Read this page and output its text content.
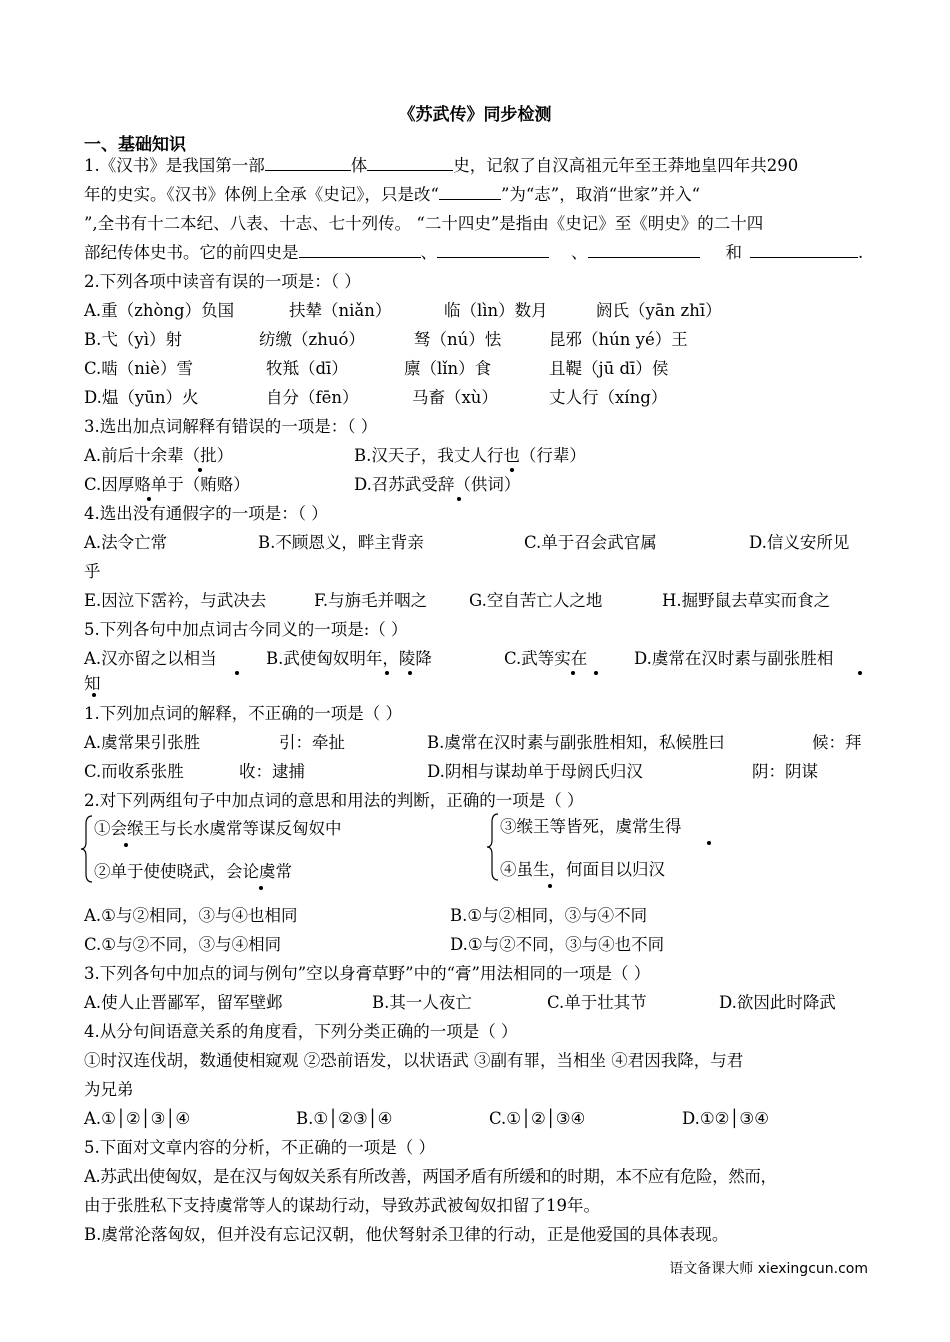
《苏武传》同步检测
一、基础知识
1.《汉书》是我国第一部	体	史，记叙了自汉高祖元年至王莽地皇四年共290
年的史实。《汉书》体例上全承《史记》，只是改“	”为“志”，取消“世家”并入“
”,全书有十二本纪、八表、十志、七十列传。 “二十四史”是指由《史记》至《明史》的二十四
部纪传体史书。它的前四史是	、	、	和	.
2.下列各项中读音有误的一项是：（ ）
A.重（zhòng）负国	扶辇（niǎn）	临（lìn）数月	阏氏（yān zhī）
B.弋（yì）射	纺缴（zhuó）	驽（nú）怯	昆邪（hún yé）王
C.啮（niè）雪	牧羝（dī）	廪（lǐn）食	且鞮（jū dī）侯
D.煴（yūn）火	自分（fēn）	马畜（xù）	丈人行（xíng）
3.选出加点词解释有错误的一项是：（ ）
A.前后十余辈（批）	B.汉天子，我丈人行也（行辈）
C.因厚赂单于（贿赂）	D.召苏武受辞（供词）
4.选出没有通假字的一项是：（ ）
A.法令亡常	B.不顾恩义，畔主背亲	C.单于召会武官属	D.信义安所见
乎
E.因泣下霑衿，与武决去	F.与旃毛并咽之	G.空自苦亡人之地	H.掘野鼠去草实而食之
5.下列各句中加点词古今同义的一项是:（ ）
A.汉亦留之以相当	B.武使匈奴明年，陵降	C.武等实在	D.虞常在汉时素与副张胜相
知
1.下列加点词的解释，不正确的一项是（ ）
A.虞常果引张胜	引：牵扯	B.虞常在汉时素与副张胜相知，私候胜曰	候：拜
C.而收系张胜	收：逮捕	D.阴相与谋劫单于母阏氏归汉	阴：阴谋
2.对下列两组句子中加点词的意思和用法的判断，正确的一项是（ ）
①会缑王与长水虞常等谋反匈奴中
②单于使使晓武，会论虞常
③缑王等皆死，虞常生得
④虽生，何面目以归汉
A.①与②相同，③与④也相同	B.①与②相同，③与④不同
C.①与②不同，③与④相同	D.①与②不同，③与④也不同
3.下列各句中加点的词与例句”空以身膏草野”中的“膏”用法相同的一项是（ ）
A.使人止晋鄙军，留军壁邺	B.其一人夜亡	C.单于壮其节	D.欲因此时降武
4.从分句间语意关系的角度看，下列分类正确的一项是（ ）
①时汉连伐胡，数通使相窥观 ②恐前语发，以状语武 ③副有罪，当相坐 ④君因我降，与君
为兄弟
A.①│②│③│④	B.①│②③│④	C.①│②│③④	D.①②│③④
5.下面对文章内容的分析，不正确的一项是（ ）
A.苏武出使匈奴，是在汉与匈奴关系有所改善，两国矛盾有所缓和的时期，本不应有危险，然而，
由于张胜私下支持虞常等人的谋劫行动，导致苏武被匈奴扣留了19年。
B.虞常沦落匈奴，但并没有忘记汉朝，他伏弩射杀卫律的行动，正是他爱国的具体表现。
语文备课大师 xiexingcun.com
